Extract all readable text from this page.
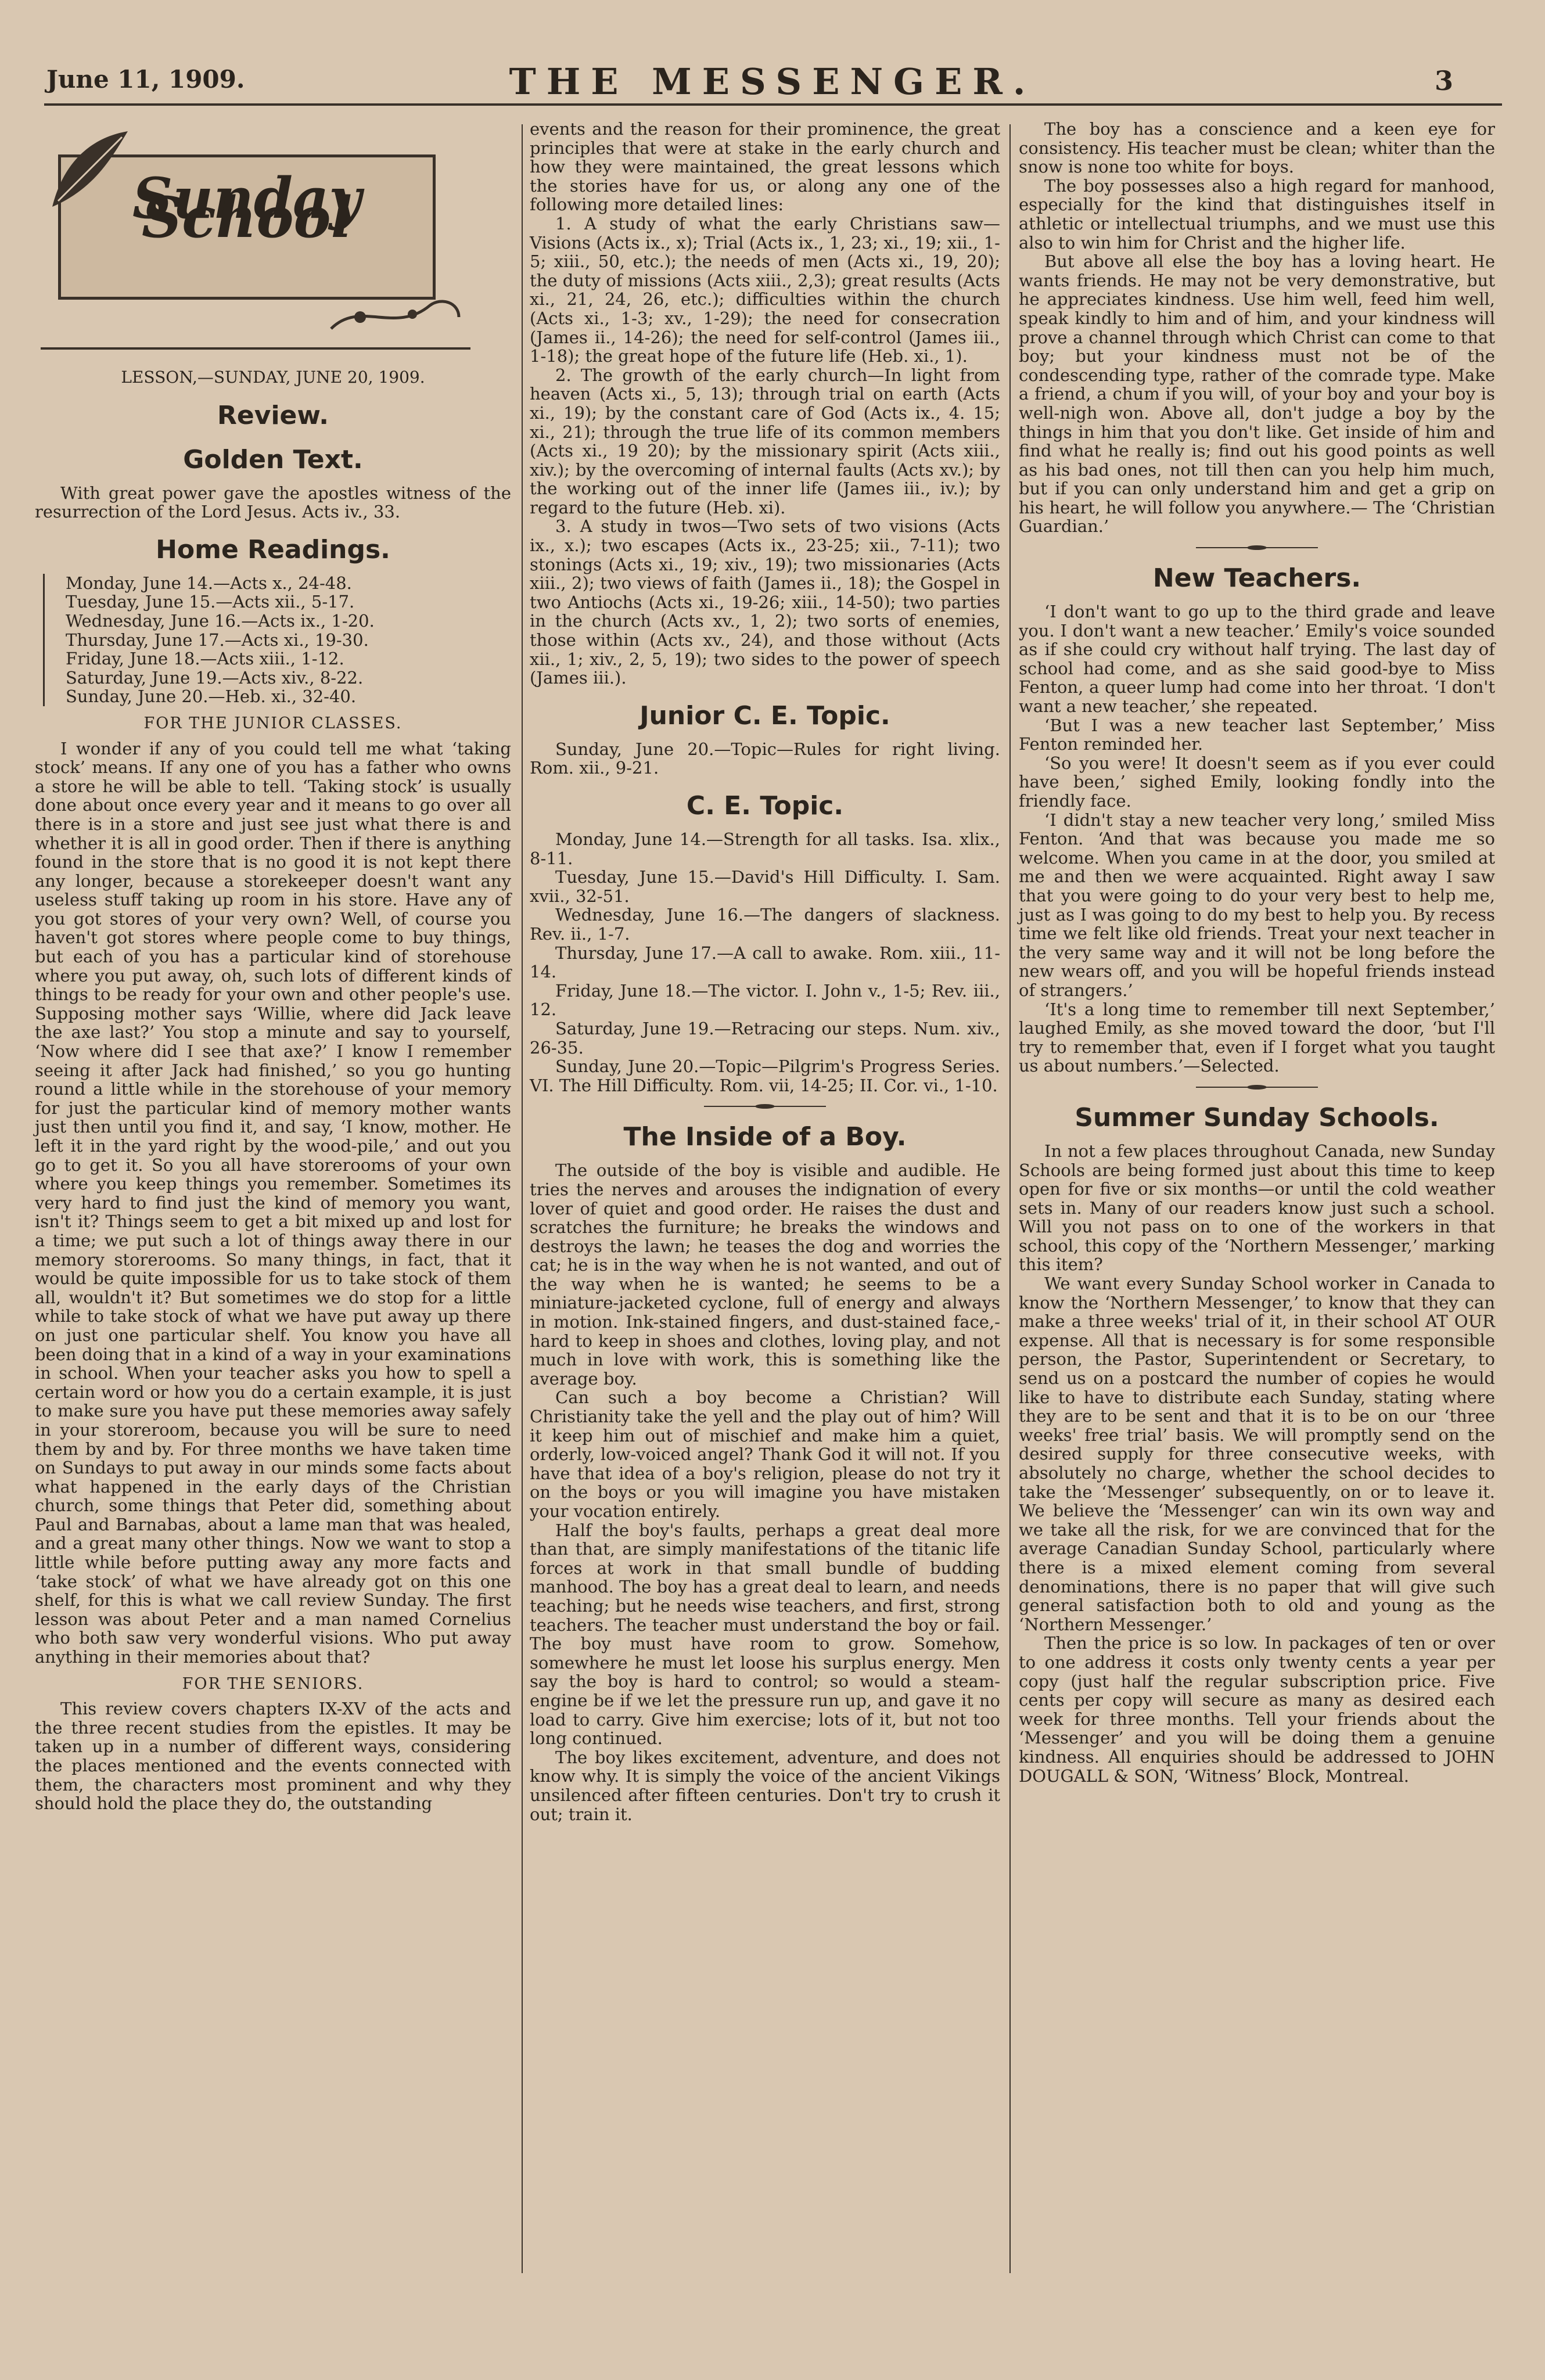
June 11, 1909.	THE MESSENGER.	3
Sunday School

LESSON,—SUNDAY, JUNE 20, 1909.

Review.

Golden Text.

With great power gave the apostles witness of the resurrection of the Lord Jesus. Acts iv., 33.

Home Readings.

Monday, June 14.—Acts x., 24-48.

Tuesday, June 15.—Acts xii., 5-17.

Wednesday, June 16.—Acts ix., 1-20.

Thursday, June 17.—Acts xi., 19-30.

Friday, June 18.—Acts xiii., 1-12.

Saturday, June 19.—Acts xiv., 8-22.

Sunday, June 20.—Heb. xi., 32-40.

FOR THE JUNIOR CLASSES.

I wonder if any of you could tell me what ‘taking stock’ means. If any one of you has a father who owns a store he will be able to tell. ‘Taking stock’ is usually done about once every year and it means to go over all there is in a store and just see just what there is and whether it is all in good order. Then if there is anything found in the store that is no good it is not kept there any longer, because a storekeeper doesn't want any useless stuff taking up room in his store. Have any of you got stores of your very own? Well, of course you haven't got stores where people come to buy things, but each of you has a particular kind of storehouse where you put away, oh, such lots of different kinds of things to be ready for your own and other people's use. Supposing mother says ‘Willie, where did Jack leave the axe last?’ You stop a minute and say to yourself, ‘Now where did I see that axe?’ I know I remember seeing it after Jack had finished,’ so you go hunting round a little while in the storehouse of your memory for just the particular kind of memory mother wants just then until you find it, and say, ‘I know, mother. He left it in the yard right by the wood-pile,’ and out you go to get it. So you all have storerooms of your own where you keep things you remember. Sometimes its very hard to find just the kind of memory you want, isn't it? Things seem to get a bit mixed up and lost for a time; we put such a lot of things away there in our memory storerooms. So many things, in fact, that it would be quite impossible for us to take stock of them all, wouldn't it? But sometimes we do stop for a little while to take stock of what we have put away up there on just one particular shelf. You know you have all been doing that in a kind of a way in your examinations in school. When your teacher asks you how to spell a certain word or how you do a certain example, it is just to make sure you have put these memories away safely in your storeroom, because you will be sure to need them by and by. For three months we have taken time on Sundays to put away in our minds some facts about what happened in the early days of the Christian church, some things that Peter did, something about Paul and Barnabas, about a lame man that was healed, and a great many other things. Now we want to stop a little while before putting away any more facts and ‘take stock’ of what we have already got on this one shelf, for this is what we call review Sunday. The first lesson was about Peter and a man named Cornelius who both saw very wonderful visions. Who put away anything in their memories about that?

FOR THE SENIORS.

This review covers chapters IX-XV of the acts and the three recent studies from the epistles. It may be taken up in a number of different ways, considering the places mentioned and the events connected with them, the characters most prominent and why they should hold the place they do, the outstanding

events and the reason for their prominence, the great principles that were at stake in the early church and how they were maintained, the great lessons which the stories have for us, or along any one of the following more detailed lines:

1. A study of what the early Christians saw—Visions (Acts ix., x); Trial (Acts ix., 1, 23; xi., 19; xii., 1-5; xiii., 50, etc.); the needs of men (Acts xi., 19, 20); the duty of missions (Acts xiii., 2,3); great results (Acts xi., 21, 24, 26, etc.); difficulties within the church (Acts xi., 1-3; xv., 1-29); the need for consecration (James ii., 14-26); the need for self-control (James iii., 1-18); the great hope of the future life (Heb. xi., 1).

2. The growth of the early church—In light from heaven (Acts xi., 5, 13); through trial on earth (Acts xi., 19); by the constant care of God (Acts ix., 4. 15; xi., 21); through the true life of its common members (Acts xi., 19 20); by the missionary spirit (Acts xiii., xiv.); by the overcoming of internal faults (Acts xv.); by the working out of the inner life (James iii., iv.); by regard to the future (Heb. xi).

3. A study in twos—Two sets of two visions (Acts ix., x.); two escapes (Acts ix., 23-25; xii., 7-11); two stonings (Acts xi., 19; xiv., 19); two missionaries (Acts xiii., 2); two views of faith (James ii., 18); the Gospel in two Antiochs (Acts xi., 19-26; xiii., 14-50); two parties in the church (Acts xv., 1, 2); two sorts of enemies, those within (Acts xv., 24), and those without (Acts xii., 1; xiv., 2, 5, 19); two sides to the power of speech (James iii.).

Junior C. E. Topic.

Sunday, June 20.—Topic—Rules for right living. Rom. xii., 9-21.

C. E. Topic.

Monday, June 14.—Strength for all tasks. Isa. xlix., 8-11.

Tuesday, June 15.—David's Hill Difficulty. I. Sam. xvii., 32-51.

Wednesday, June 16.—The dangers of slackness. Rev. ii., 1-7.

Thursday, June 17.—A call to awake. Rom. xiii., 11-14.

Friday, June 18.—The victor. I. John v., 1-5; Rev. iii., 12.

Saturday, June 19.—Retracing our steps. Num. xiv., 26-35.

Sunday, June 20.—Topic—Pilgrim's Progress Series. VI. The Hill Difficulty. Rom. vii, 14-25; II. Cor. vi., 1-10.

The Inside of a Boy.

The outside of the boy is visible and audible. He tries the nerves and arouses the indignation of every lover of quiet and good order. He raises the dust and scratches the furniture; he breaks the windows and destroys the lawn; he teases the dog and worries the cat; he is in the way when he is not wanted, and out of the way when he is wanted; he seems to be a miniature-jacketed cyclone, full of energy and always in motion. Ink-stained fingers, and dust-stained face,-hard to keep in shoes and clothes, loving play, and not much in love with work, this is something like the average boy.

Can such a boy become a Christian? Will Christianity take the yell and the play out of him? Will it keep him out of mischief and make him a quiet, orderly, low-voiced angel? Thank God it will not. If you have that idea of a boy's religion, please do not try it on the boys or you will imagine you have mistaken your vocation entirely.

Half the boy's faults, perhaps a great deal more than that, are simply manifestations of the titanic life forces at work in that small bundle of budding manhood. The boy has a great deal to learn, and needs teaching; but he needs wise teachers, and first, strong teachers. The teacher must understand the boy or fail. The boy must have room to grow. Somehow, somewhere he must let loose his surplus energy. Men say the boy is hard to control; so would a steam-engine be if we let the pressure run up, and gave it no load to carry. Give him exercise; lots of it, but not too long continued.

The boy likes excitement, adventure, and does not know why. It is simply the voice of the ancient Vikings unsilenced after fifteen centuries. Don't try to crush it out; train it.

The boy has a conscience and a keen eye for consistency. His teacher must be clean; whiter than the snow is none too white for boys.

The boy possesses also a high regard for manhood, especially for the kind that distinguishes itself in athletic or intellectual triumphs, and we must use this also to win him for Christ and the higher life.

But above all else the boy has a loving heart. He wants friends. He may not be very demonstrative, but he appreciates kindness. Use him well, feed him well, speak kindly to him and of him, and your kindness will prove a channel through which Christ can come to that boy; but your kindness must not be of the condescending type, rather of the comrade type. Make a friend, a chum if you will, of your boy and your boy is well-nigh won. Above all, don't judge a boy by the things in him that you don't like. Get inside of him and find what he really is; find out his good points as well as his bad ones, not till then can you help him much, but if you can only understand him and get a grip on his heart, he will follow you anywhere.— The ‘Christian Guardian.’

New Teachers.

‘I don't want to go up to the third grade and leave you. I don't want a new teacher.’ Emily's voice sounded as if she could cry without half trying. The last day of school had come, and as she said good-bye to Miss Fenton, a queer lump had come into her throat. ‘I don't want a new teacher,’ she repeated.

‘But I was a new teacher last September,’ Miss Fenton reminded her.

‘So you were! It doesn't seem as if you ever could have been,’ sighed Emily, looking fondly into the friendly face.

‘I didn't stay a new teacher very long,’ smiled Miss Fenton. ‘And that was because you made me so welcome. When you came in at the door, you smiled at me and then we were acquainted. Right away I saw that you were going to do your very best to help me, just as I was going to do my best to help you. By recess time we felt like old friends. Treat your next teacher in the very same way and it will not be long before the new wears off, and you will be hopeful friends instead of strangers.’

‘It's a long time to remember till next September,’ laughed Emily, as she moved toward the door, ‘but I'll try to remember that, even if I forget what you taught us about numbers.’—Selected.

Summer Sunday Schools.

In not a few places throughout Canada, new Sunday Schools are being formed just about this time to keep open for five or six months—or until the cold weather sets in. Many of our readers know just such a school. Will you not pass on to one of the workers in that school, this copy of the ‘Northern Messenger,’ marking this item?

We want every Sunday School worker in Canada to know the ‘Northern Messenger,’ to know that they can make a three weeks' trial of it, in their school AT OUR expense. All that is necessary is for some responsible person, the Pastor, Superintendent or Secretary, to send us on a postcard the number of copies he would like to have to distribute each Sunday, stating where they are to be sent and that it is to be on our ‘three weeks' free trial’ basis. We will promptly send on the desired supply for three consecutive weeks, with absolutely no charge, whether the school decides to take the ‘Messenger’ subsequently, on or to leave it. We believe the ‘Messenger’ can win its own way and we take all the risk, for we are convinced that for the average Canadian Sunday School, particularly where there is a mixed element coming from several denominations, there is no paper that will give such general satisfaction both to old and young as the ‘Northern Messenger.’

Then the price is so low. In packages of ten or over to one address it costs only twenty cents a year per copy (just half the regular subscription price. Five cents per copy will secure as many as desired each week for three months. Tell your friends about the ‘Messenger’ and you will be doing them a genuine kindness. All enquiries should be addressed to JOHN DOUGALL & SON, ‘Witness’ Block, Montreal.
